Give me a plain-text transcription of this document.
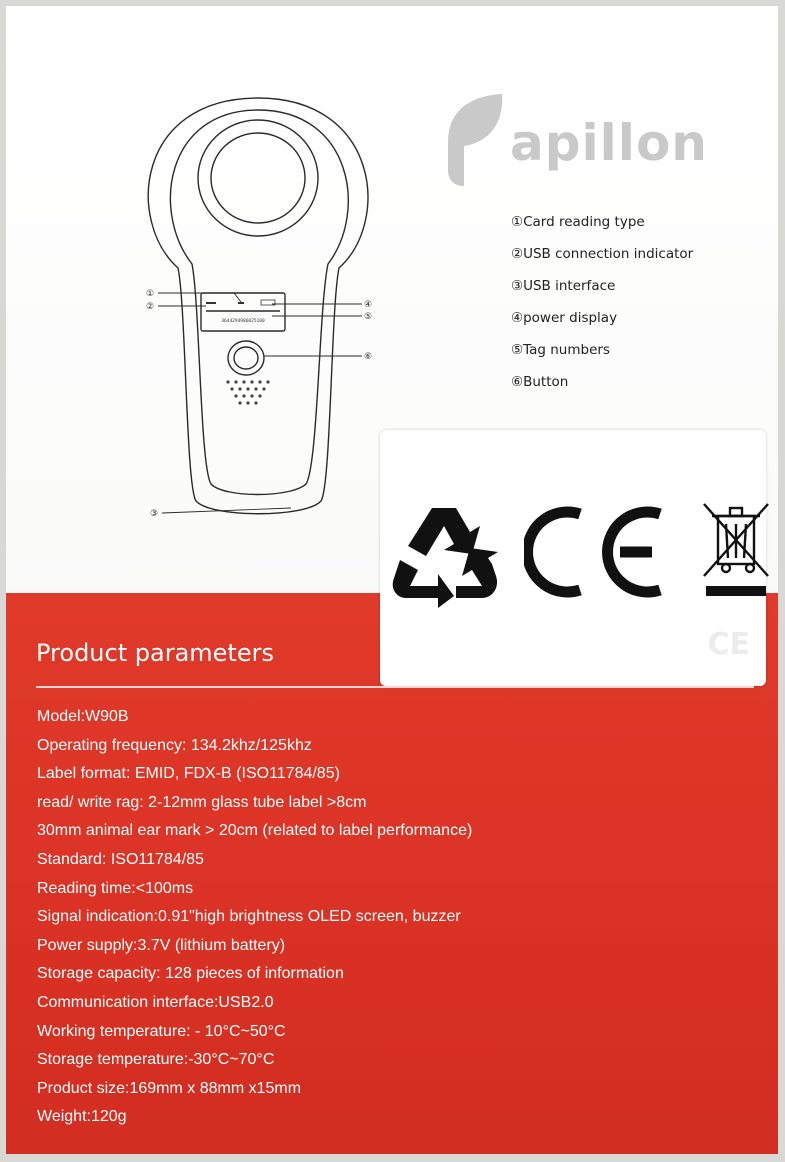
3644294986025100
①
②
③
④
⑤
⑥
apillon
①Card reading type
②USB connection indicator
③USB interface
④power display
⑤Tag numbers
⑥Button
CE
Product parameters
Model:W90B
Operating frequency: 134.2khz/125khz
Label format: EMID, FDX-B (ISO11784/85)
read/ write rag: 2-12mm glass tube label >8cm
30mm animal ear mark > 20cm (related to label performance)
Standard: ISO11784/85
Reading time:<100ms
Signal indication:0.91"high brightness OLED screen, buzzer
Power supply:3.7V (lithium battery)
Storage capacity: 128 pieces of information
Communication interface:USB2.0
Working temperature: - 10°C~50°C
Storage temperature:-30°C~70°C
Product size:169mm x 88mm x15mm
Weight:120g
